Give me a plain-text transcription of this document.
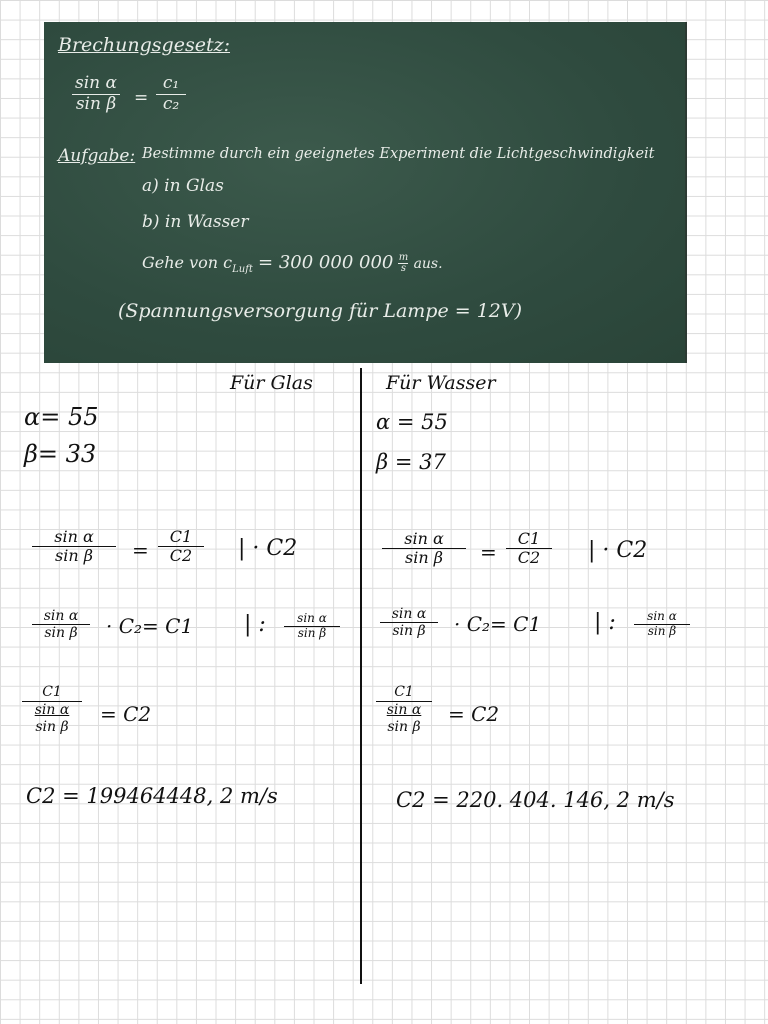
Brechungsgesetz:
sin α
sin β =
c₁
c₂
Aufgabe: Bestimme durch ein geeignetes Experiment die Lichtgeschwindigkeit
a) in Glas
b) in Wasser
Gehe von $c_{Luft} = 300$ 000 $000 \frac{m}{s}$ aus.
(Spannungsversorgung für Lampe = 12V)
Für Glas
α= 55
β= 33
sin α
sin β =
C1
C2 | · C2
sin α
sin β · C₂= C1 | :	sin α
sin β
C1
sin α
sin β
= C2
C2 = 199464448, 2 m/s
Für Wasser
α = 55
β = 37
sin α
sin β =
C1
C2 | · C2
sin α
sin β · C₂= C1 | :	sin α
sin β
C1
sin α
sin β
= C2
C2 = 220. 404. 146, 2 m/s
